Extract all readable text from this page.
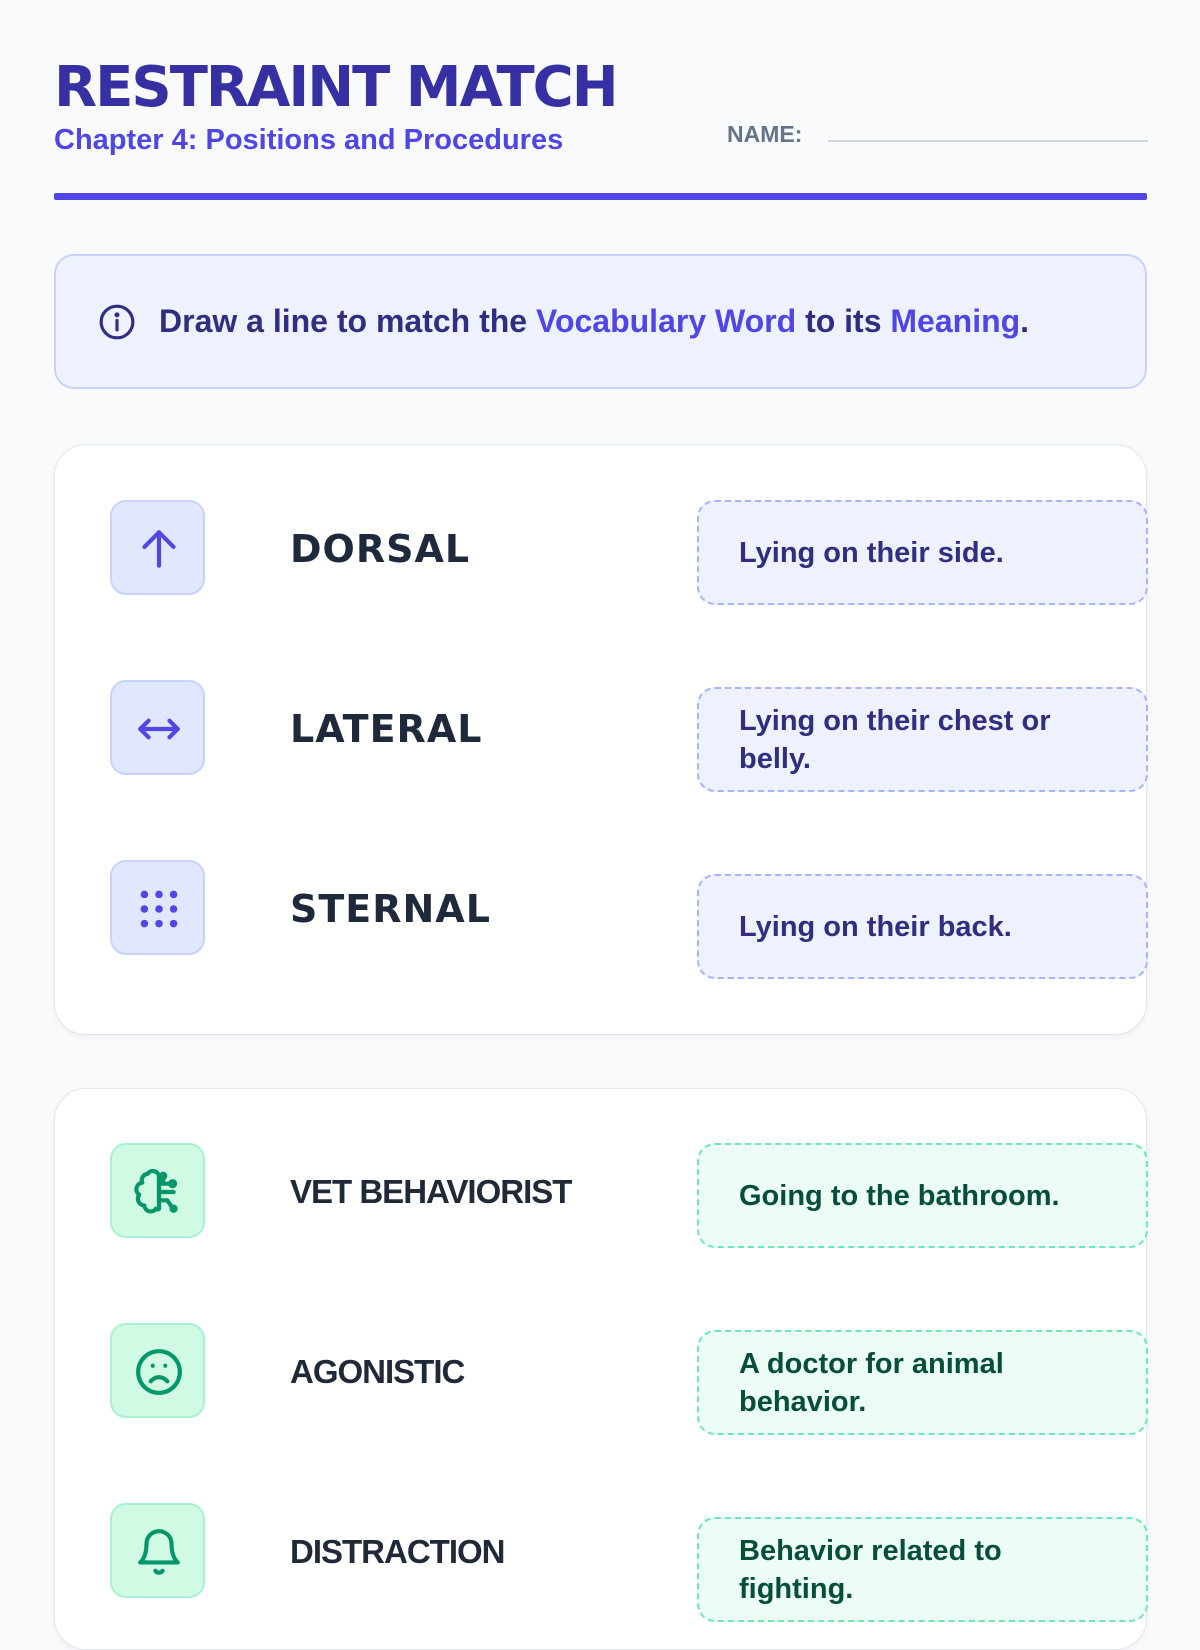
RESTRAINT MATCH
Chapter 4: Positions and Procedures	NAME:
Draw a line to match the Vocabulary Word to its Meaning.
DORSAL	Lying on their side.
LATERAL	Lying on their chest or belly.
STERNAL	Lying on their back.
VET BEHAVIORIST	Going to the bathroom.
AGONISTIC	A doctor for animal behavior.
DISTRACTION	Behavior related to fighting.
